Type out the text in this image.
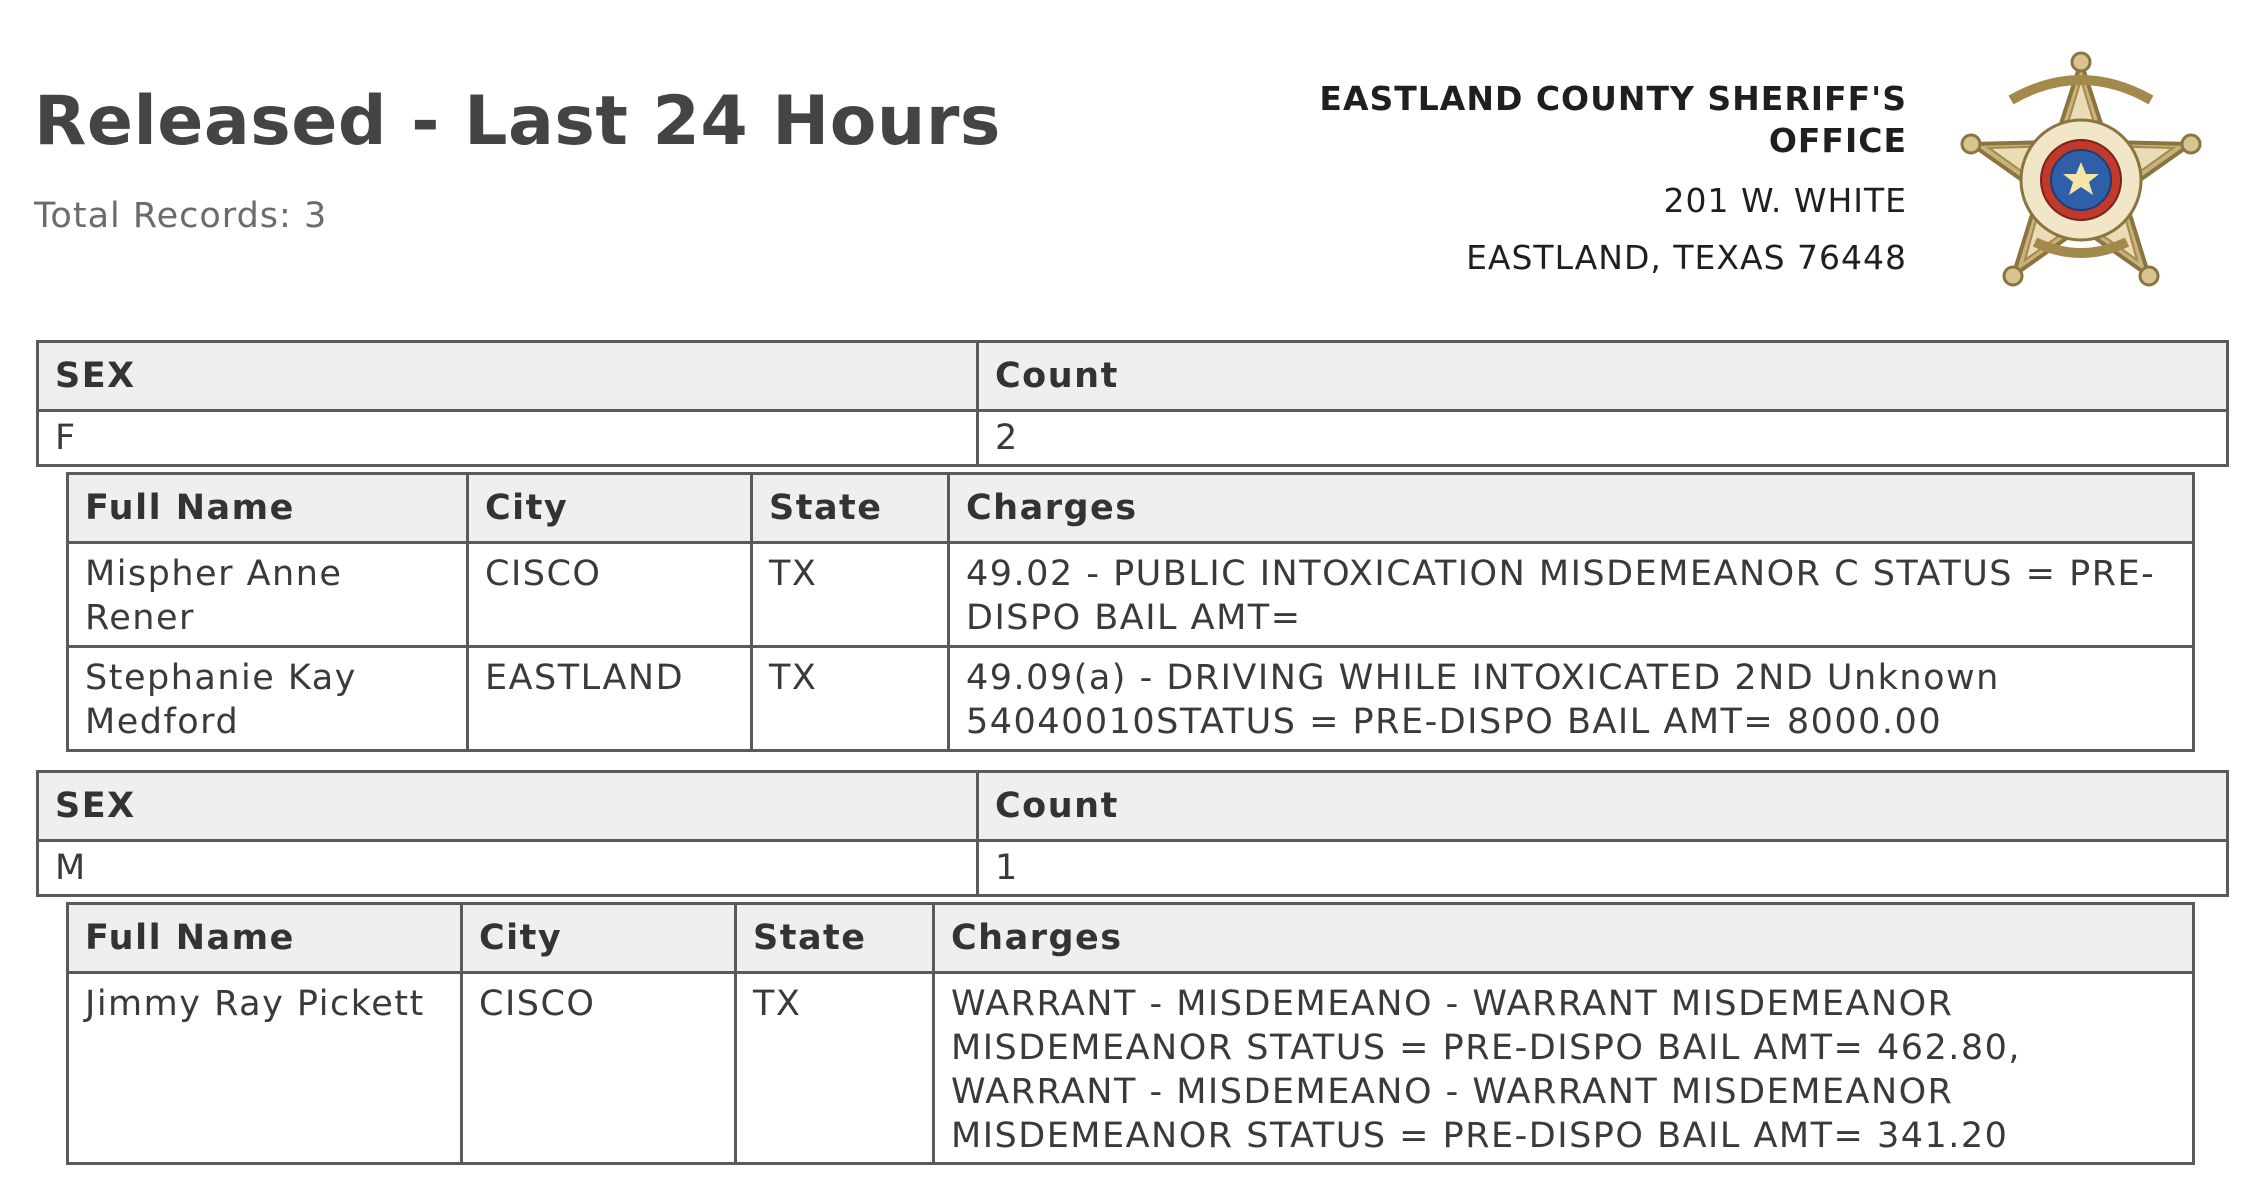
Released - Last 24 Hours
Total Records: 3
EASTLAND COUNTY SHERIFF'S
OFFICE
201 W. WHITE
EASTLAND, TEXAS 76448
SEX	Count
F	2
Full Name	City	State	Charges
Mispher Anne Rener	CISCO	TX	49.02 - PUBLIC INTOXICATION MISDEMEANOR C STATUS = PRE-DISPO BAIL AMT=
Stephanie Kay Medford	EASTLAND	TX	49.09(a) - DRIVING WHILE INTOXICATED 2ND Unknown 54040010STATUS = PRE-DISPO BAIL AMT= 8000.00
SEX	Count
M	1
Full Name	City	State	Charges
Jimmy Ray Pickett	CISCO	TX	WARRANT - MISDEMEANO - WARRANT MISDEMEANOR MISDEMEANOR STATUS = PRE-DISPO BAIL AMT= 462.80, WARRANT - MISDEMEANO - WARRANT MISDEMEANOR MISDEMEANOR STATUS = PRE-DISPO BAIL AMT= 341.20
